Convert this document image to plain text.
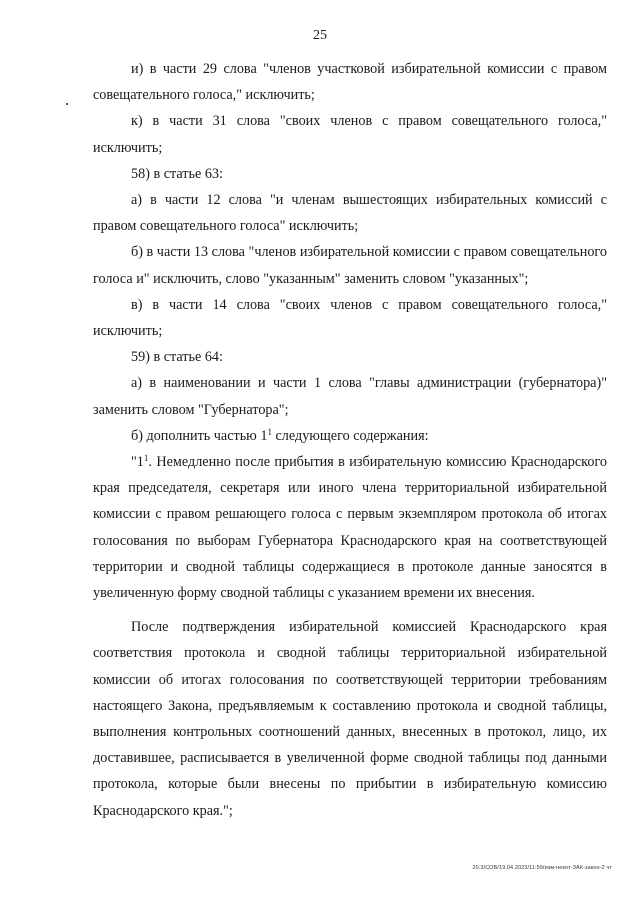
25

и) в части 29 слова "членов участковой избирательной комиссии с правом совещательного голоса," исключить;

к) в части 31 слова "своих членов с правом совещательного голоса," исключить;

58) в статье 63:

а) в части 12 слова "и членам вышестоящих избирательных комиссий с правом совещательного голоса" исключить;

б) в части 13 слова "членов избирательной комиссии с правом совещательного голоса и" исключить, слово "указанным" заменить словом "указанных";

в) в части 14 слова "своих членов с правом совещательного голоса," исключить;

59) в статье 64:

а) в наименовании и части 1 слова "главы администрации (губернатора)" заменить словом "Губернатора";

б) дополнить частью $1^1$ следующего содержания:

"$1^1$. Немедленно после прибытия в избирательную комиссию Краснодарского края председателя, секретаря или иного члена территориальной избирательной комиссии с правом решающего голоса с первым экземпляром протокола об итогах голосования по выборам Губернатора Краснодарского края на соответствующей территории и сводной таблицы содержащиеся в протоколе данные заносятся в увеличенную форму сводной таблицы с указанием времени их внесения.

После подтверждения избирательной комиссией Краснодарского края соответствия протокола и сводной таблицы территориальной избирательной комиссии об итогах голосования по соответствующей территории требованиям настоящего Закона, предъявляемым к составлению протокола и сводной таблицы, выполнения контрольных соотношений данных, внесенных в протокол, лицо, их доставившее, расписывается в увеличенной форме сводной таблицы под данными протокола, которые были внесены по прибытии в избирательную комиссию Краснодарского края.";

20.3/СОВ/19.04.2023/11:59/изм-некот-ЗАК-закон-2 чт
